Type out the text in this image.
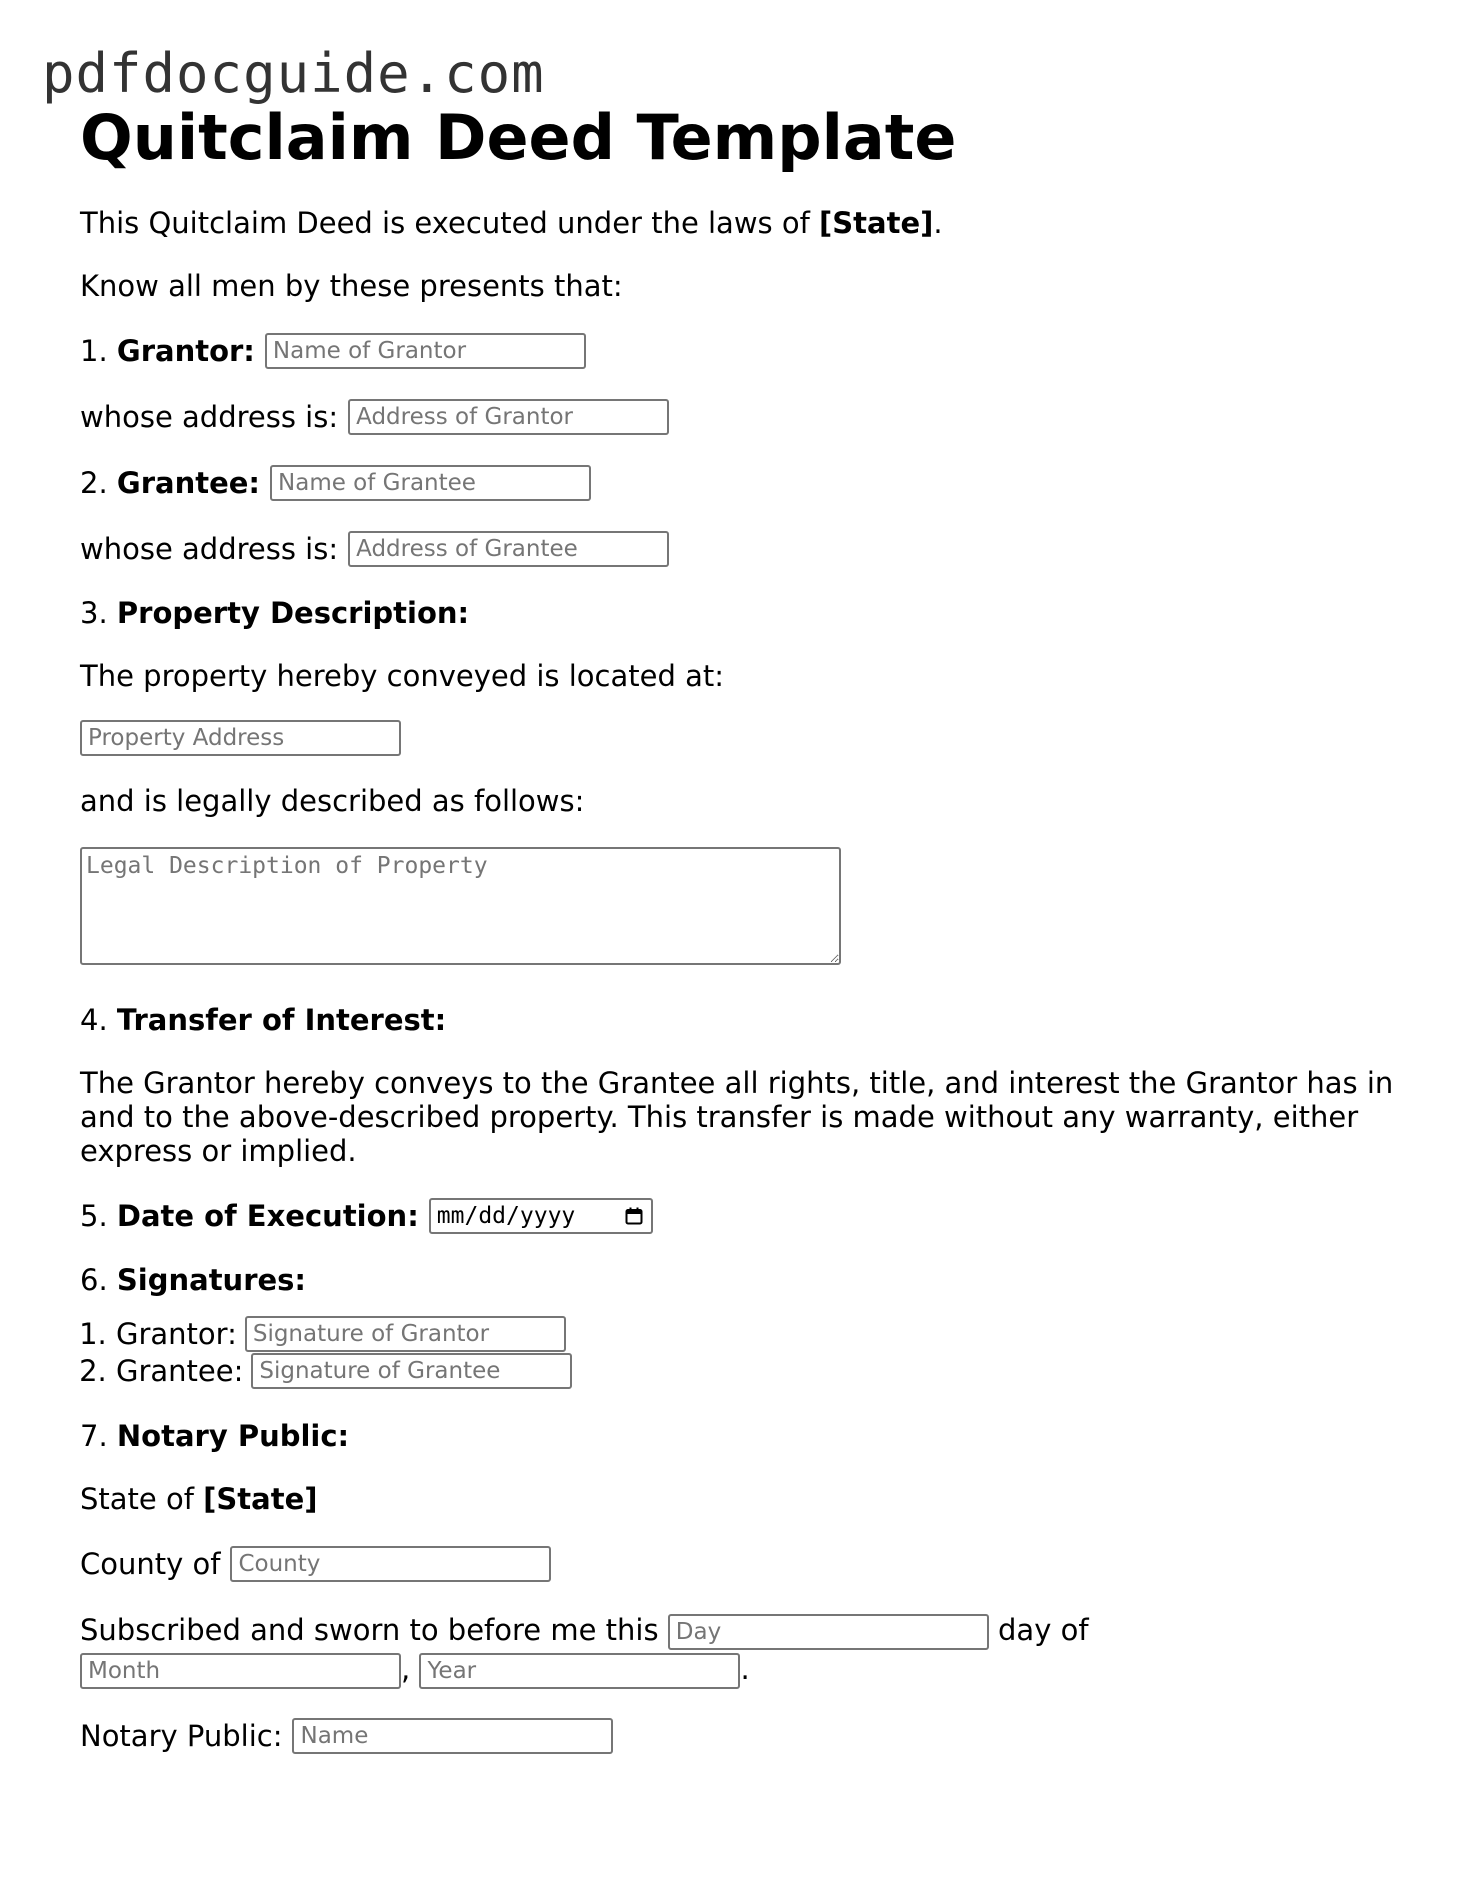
pdfdocguide.com
Quitclaim Deed Template

This Quitclaim Deed is executed under the laws of [State].

Know all men by these presents that:

1. Grantor:
Name of Grantor
whose address is:
Address of Grantor
2. Grantee:
Name of Grantee
whose address is:
Address of Grantee

3. Property Description:

The property hereby conveyed is located at:

Property Address

and is legally described as follows:

Legal Description of Property

4. Transfer of Interest:

The Grantor hereby conveys to the Grantee all rights, title, and interest the Grantor has in and to the above-described property. This transfer is made without any warranty, either express or implied.

5. Date of Execution: mm/dd/yyyy

6. Signatures:

1. Grantor:
Signature of Grantor
2. Grantee:
Signature of Grantee

7. Notary Public:

State of [State]

County of
County
Subscribed and sworn to before me this Day	day of
Month, Year	.
Notary Public:
Name
